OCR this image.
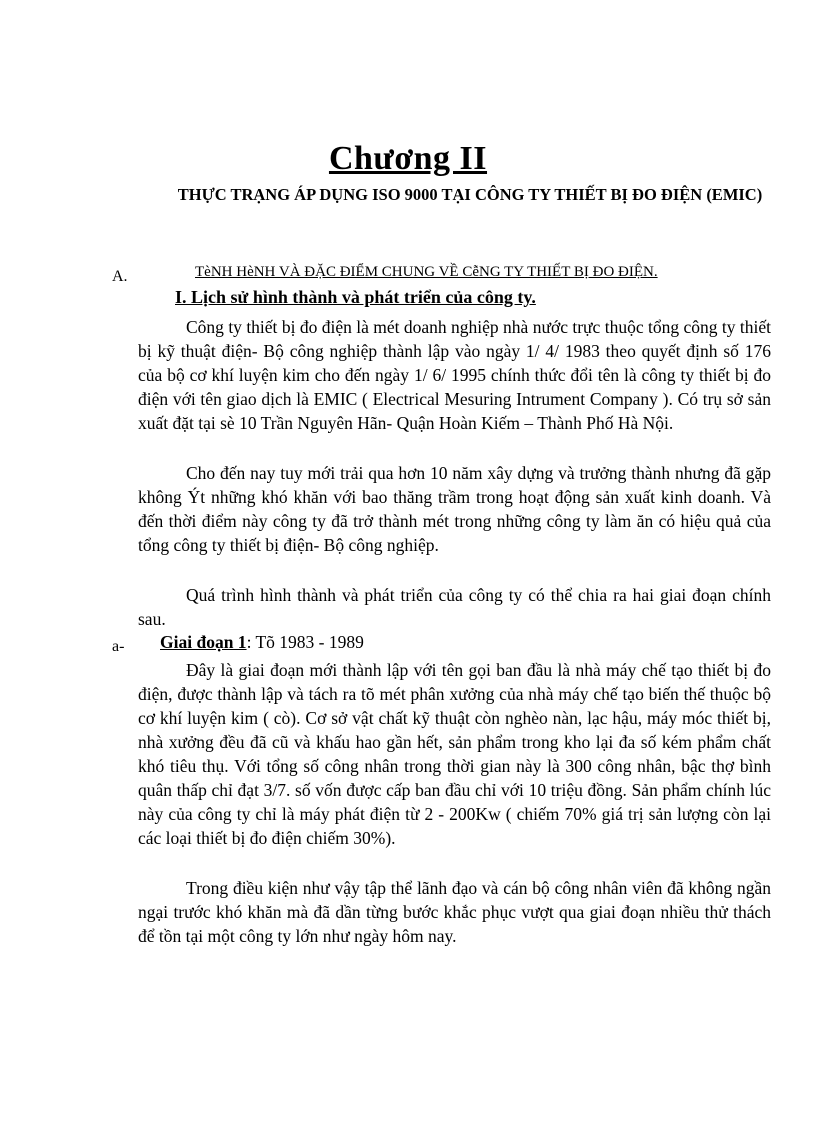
Chương II
THỰC TRẠNG ÁP DỤNG ISO 9000 TẠI CÔNG TY THIẾT BỊ ĐO ĐIỆN (EMIC)
A.	TèNH HèNH VÀ ĐẶC ĐIỂM CHUNG VỀ CễNG TY THIẾT BỊ ĐO ĐIỆN.
I. Lịch sử hình thành và phát triển của công ty.

Công ty thiết bị đo điện là mét doanh nghiệp nhà nước trực thuộc tổng công ty thiết bị kỹ thuật điện- Bộ công nghiệp thành lập vào ngày 1/ 4/ 1983 theo quyết định số 176 của bộ cơ khí luyện kim cho đến ngày 1/ 6/ 1995 chính thức đổi tên là công ty thiết bị đo điện với tên giao dịch là EMIC ( Electrical Mesuring Intrument Company ). Có trụ sở sản xuất đặt tại sè 10 Trần Nguyên Hãn- Quận Hoàn Kiếm – Thành Phố Hà Nội.

Cho đến nay tuy mới trải qua hơn 10 năm xây dựng và trưởng thành nhưng đã gặp không Ýt những khó khăn với bao thăng trầm trong hoạt động sản xuất kinh doanh. Và đến thời điểm này công ty đã trở thành mét trong những công ty làm ăn có hiệu quả của tổng công ty thiết bị điện- Bộ công nghiệp.

Quá trình hình thành và phát triển của công ty có thể chia ra hai giai đoạn chính sau.

a- Giai đoạn 1: Tõ 1983 - 1989

Đây là giai đoạn mới thành lập với tên gọi ban đầu là nhà máy chế tạo thiết bị đo điện, được thành lập và tách ra tõ mét phân xưởng của nhà máy chế tạo biến thế thuộc bộ cơ khí luyện kim ( cò). Cơ sở vật chất kỹ thuật còn nghèo nàn, lạc hậu, máy móc thiết bị, nhà xưởng đều đã cũ và khấu hao gần hết, sản phẩm trong kho lại đa số kém phẩm chất khó tiêu thụ. Với tổng số công nhân trong thời gian này là 300 công nhân, bậc thợ bình quân thấp chỉ đạt 3/7. số vốn được cấp ban đầu chỉ với 10 triệu đồng. Sản phẩm chính lúc này của công ty chỉ là máy phát điện từ 2 - 200Kw ( chiếm 70% giá trị sản lượng còn lại các loại thiết bị đo điện chiếm 30%).

Trong điều kiện như vậy tập thể lãnh đạo và cán bộ công nhân viên đã không ngần ngại trước khó khăn mà đã dần từng bước khắc phục vượt qua giai đoạn nhiều thử thách để tồn tại một công ty lớn như ngày hôm nay.
